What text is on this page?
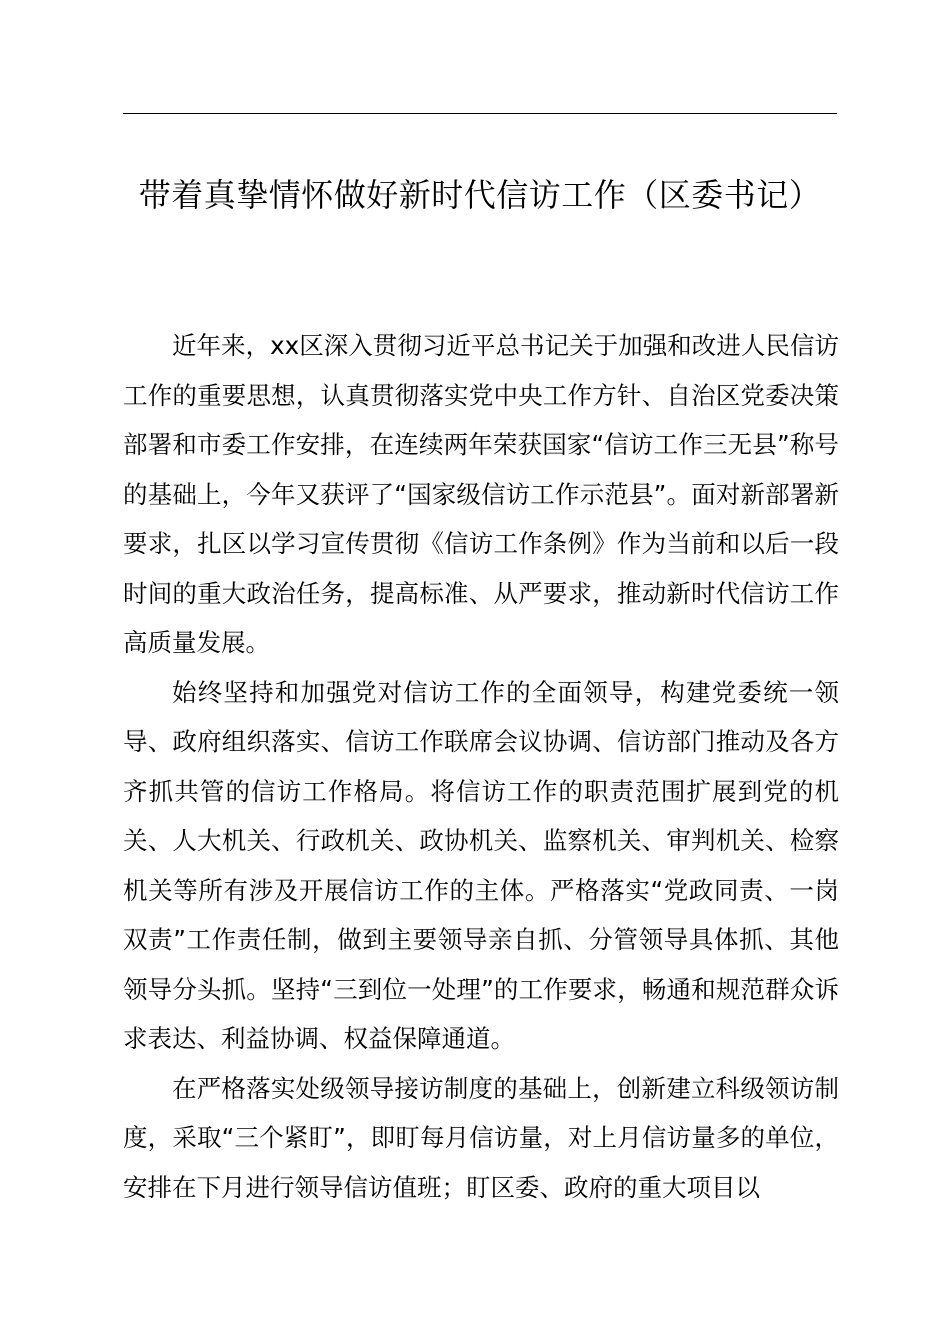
带着真挚情怀做好新时代信访工作（区委书记）

近年来，xx区深入贯彻习近平总书记关于加强和改进人民信访工作的重要思想，认真贯彻落实党中央工作方针、自治区党委决策部署和市委工作安排，在连续两年荣获国家“信访工作三无县”称号的基础上，今年又获评了“国家级信访工作示范县”。面对新部署新要求，扎区以学习宣传贯彻《信访工作条例》作为当前和以后一段时间的重大政治任务，提高标准、从严要求，推动新时代信访工作高质量发展。

始终坚持和加强党对信访工作的全面领导，构建党委统一领导、政府组织落实、信访工作联席会议协调、信访部门推动及各方齐抓共管的信访工作格局。将信访工作的职责范围扩展到党的机关、人大机关、行政机关、政协机关、监察机关、审判机关、检察机关等所有涉及开展信访工作的主体。严格落实“党政同责、一岗双责”工作责任制，做到主要领导亲自抓、分管领导具体抓、其他领导分头抓。坚持“三到位一处理”的工作要求，畅通和规范群众诉求表达、利益协调、权益保障通道。

在严格落实处级领导接访制度的基础上，创新建立科级领访制度，采取“三个紧盯”，即盯每月信访量，对上月信访量多的单位，安排在下月进行领导信访值班；盯区委、政府的重大项目以
